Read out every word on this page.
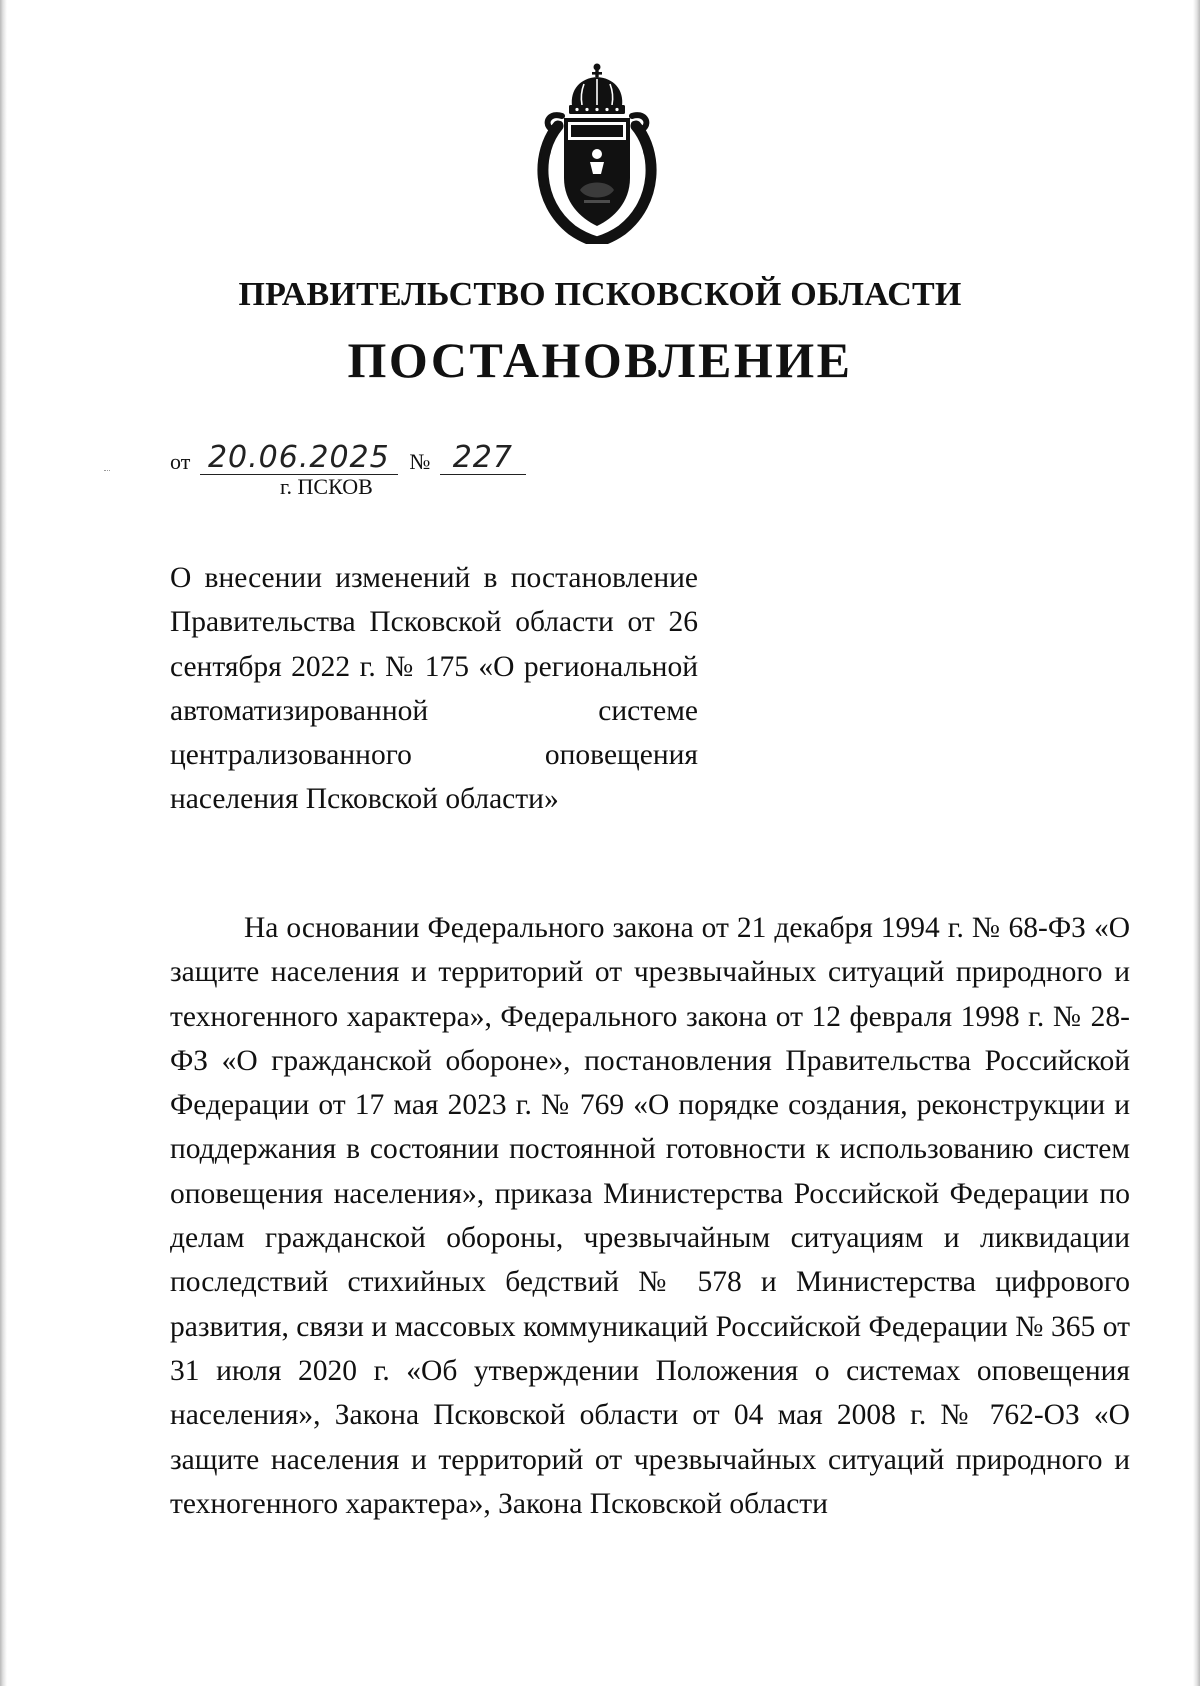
ПРАВИТЕЛЬСТВО ПСКОВСКОЙ ОБЛАСТИ
ПОСТАНОВЛЕНИЕ
от 20.06.2025 № 227
г. ПСКОВ
О внесении изменений в постановление Правительства Псковской области от 26 сентября 2022 г. № 175 «О региональной автоматизированной системе централизованного оповещения населения Псковской области»
На основании Федерального закона от 21 декабря 1994 г. № 68-ФЗ «О защите населения и территорий от чрезвычайных ситуаций природного и техногенного характера», Федерального закона от 12 февраля 1998 г. № 28-ФЗ «О гражданской обороне», постановления Правительства Российской Федерации от 17 мая 2023 г. № 769 «О порядке создания, реконструкции и поддержания в состоянии постоянной готовности к использованию систем оповещения населения», приказа Министерства Российской Федерации по делам гражданской обороны, чрезвычайным ситуациям и ликвидации последствий стихийных бедствий № 578 и Министерства цифрового развития, связи и массовых коммуникаций Российской Федерации № 365 от 31 июля 2020 г. «Об утверждении Положения о системах оповещения населения», Закона Псковской области от 04 мая 2008 г. № 762-ОЗ «О защите населения и территорий от чрезвычайных ситуаций природного и техногенного характера», Закона Псковской области
